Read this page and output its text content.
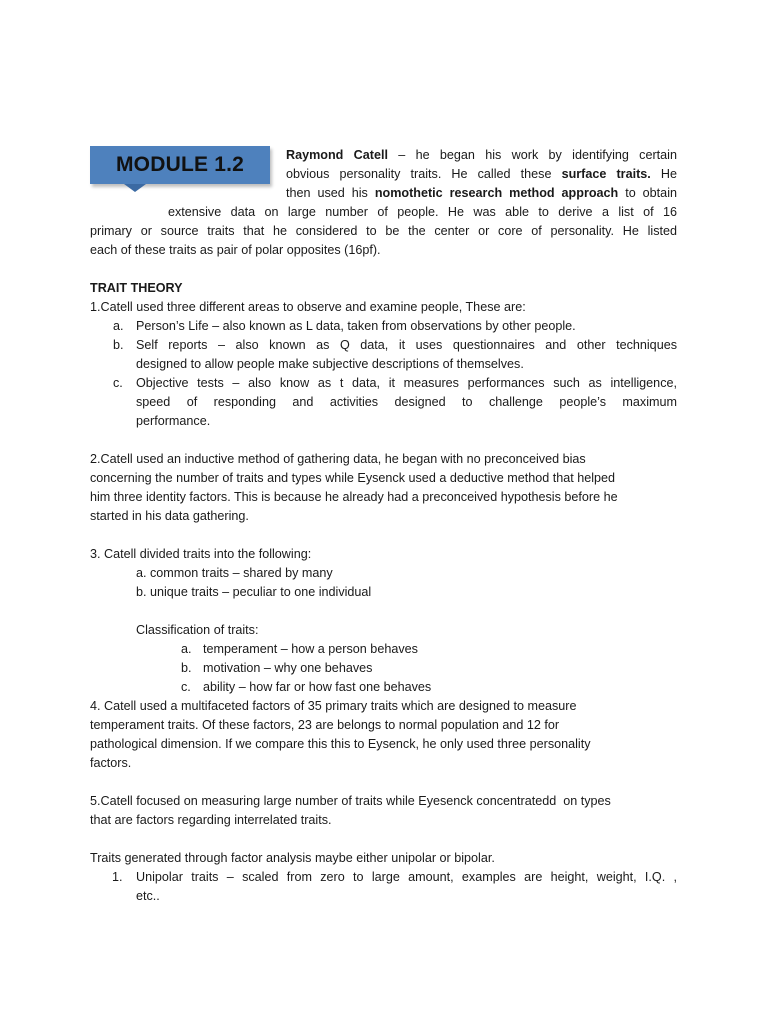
MODULE 1.2	Raymond Catell – he began his work by identifying certain

obvious personality traits. He called these surface traits. He

then used his nomothetic research method approach to obtain

extensive data on large number of people. He was able to derive a list of 16

primary or source traits that he considered to be the center or core of personality. He listed

each of these traits as pair of polar opposites (16pf).

TRAIT THEORY

1.Catell used three different areas to observe and examine people, These are:

a. Person’s Life – also known as L data, taken from observations by other people.

b. Self reports – also known as Q data, it uses questionnaires and other techniques

designed to allow people make subjective descriptions of themselves.

c. Objective tests – also know as t data, it measures performances such as intelligence,

speed of responding and activities designed to challenge people’s maximum

performance.

2.Catell used an inductive method of gathering data, he began with no preconceived bias

concerning the number of traits and types while Eysenck used a deductive method that helped

him three identity factors. This is because he already had a preconceived hypothesis before he

started in his data gathering.

3. Catell divided traits into the following:

a. common traits – shared by many

b. unique traits – peculiar to one individual

Classification of traits:

a. temperament – how a person behaves

b. motivation – why one behaves

c. ability – how far or how fast one behaves

4. Catell used a multifaceted factors of 35 primary traits which are designed to measure

temperament traits. Of these factors, 23 are belongs to normal population and 12 for

pathological dimension. If we compare this this to Eysenck, he only used three personality

factors.

5.Catell focused on measuring large number of traits while Eyesenck concentratedd  on types

that are factors regarding interrelated traits.

Traits generated through factor analysis maybe either unipolar or bipolar.

1. Unipolar traits – scaled from zero to large amount, examples are height, weight, I.Q. ,

etc..
